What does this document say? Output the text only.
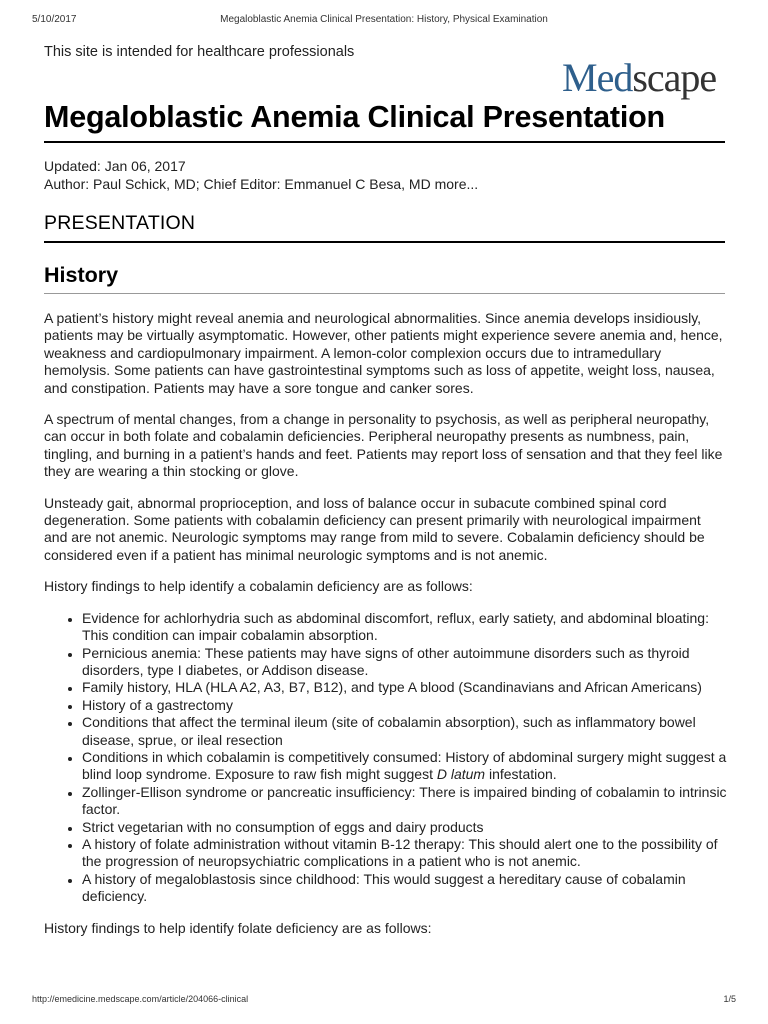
5/10/2017	Megaloblastic Anemia Clinical Presentation: History, Physical Examination
This site is intended for healthcare professionals
Medscape
Megaloblastic Anemia Clinical Presentation
Updated: Jan 06, 2017
Author: Paul Schick, MD; Chief Editor: Emmanuel C Besa, MD more...
PRESENTATION
History

A patient’s history might reveal anemia and neurological abnormalities. Since anemia develops insidiously, patients may be virtually asymptomatic. However, other patients might experience severe anemia and, hence, weakness and cardiopulmonary impairment. A lemon-color complexion occurs due to intramedullary hemolysis. Some patients can have gastrointestinal symptoms such as loss of appetite, weight loss, nausea, and constipation. Patients may have a sore tongue and canker sores.

A spectrum of mental changes, from a change in personality to psychosis, as well as peripheral neuropathy, can occur in both folate and cobalamin deficiencies. Peripheral neuropathy presents as numbness, pain, tingling, and burning in a patient’s hands and feet. Patients may report loss of sensation and that they feel like they are wearing a thin stocking or glove.

Unsteady gait, abnormal proprioception, and loss of balance occur in subacute combined spinal cord degeneration. Some patients with cobalamin deficiency can present primarily with neurological impairment and are not anemic. Neurologic symptoms may range from mild to severe. Cobalamin deficiency should be considered even if a patient has minimal neurologic symptoms and is not anemic.

History findings to help identify a cobalamin deficiency are as follows:

• Evidence for achlorhydria such as abdominal discomfort, reflux, early satiety, and abdominal bloating: This condition can impair cobalamin absorption.
• Pernicious anemia: These patients may have signs of other autoimmune disorders such as thyroid disorders, type I diabetes, or Addison disease.
• Family history, HLA (HLA A2, A3, B7, B12), and type A blood (Scandinavians and African Americans)
• History of a gastrectomy
• Conditions that affect the terminal ileum (site of cobalamin absorption), such as inflammatory bowel disease, sprue, or ileal resection
• Conditions in which cobalamin is competitively consumed: History of abdominal surgery might suggest a blind loop syndrome. Exposure to raw fish might suggest D latum infestation.
• Zollinger-Ellison syndrome or pancreatic insufficiency: There is impaired binding of cobalamin to intrinsic factor.
• Strict vegetarian with no consumption of eggs and dairy products
• A history of folate administration without vitamin B-12 therapy: This should alert one to the possibility of the progression of neuropsychiatric complications in a patient who is not anemic.
• A history of megaloblastosis since childhood: This would suggest a hereditary cause of cobalamin deficiency.

History findings to help identify folate deficiency are as follows:

http://emedicine.medscape.com/article/204066-clinical	1/5
